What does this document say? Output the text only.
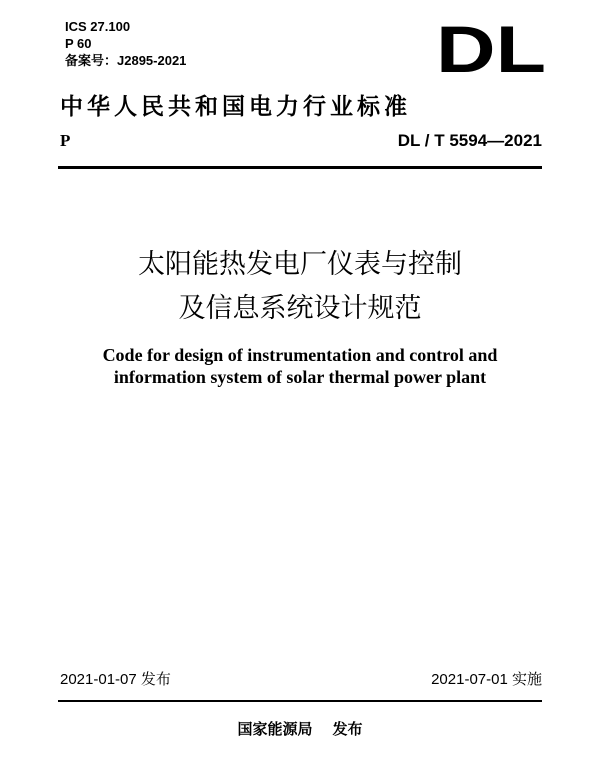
ICS 27.100
P 60
备案号：J2895-2021	DL
中华人民共和国电力行业标准
P	DL / T 5594—2021
太阳能热发电厂仪表与控制
及信息系统设计规范
Code for design of instrumentation and control and
information system of solar thermal power plant
2021-01-07 发布	2021-07-01 实施
国家能源局 发布
